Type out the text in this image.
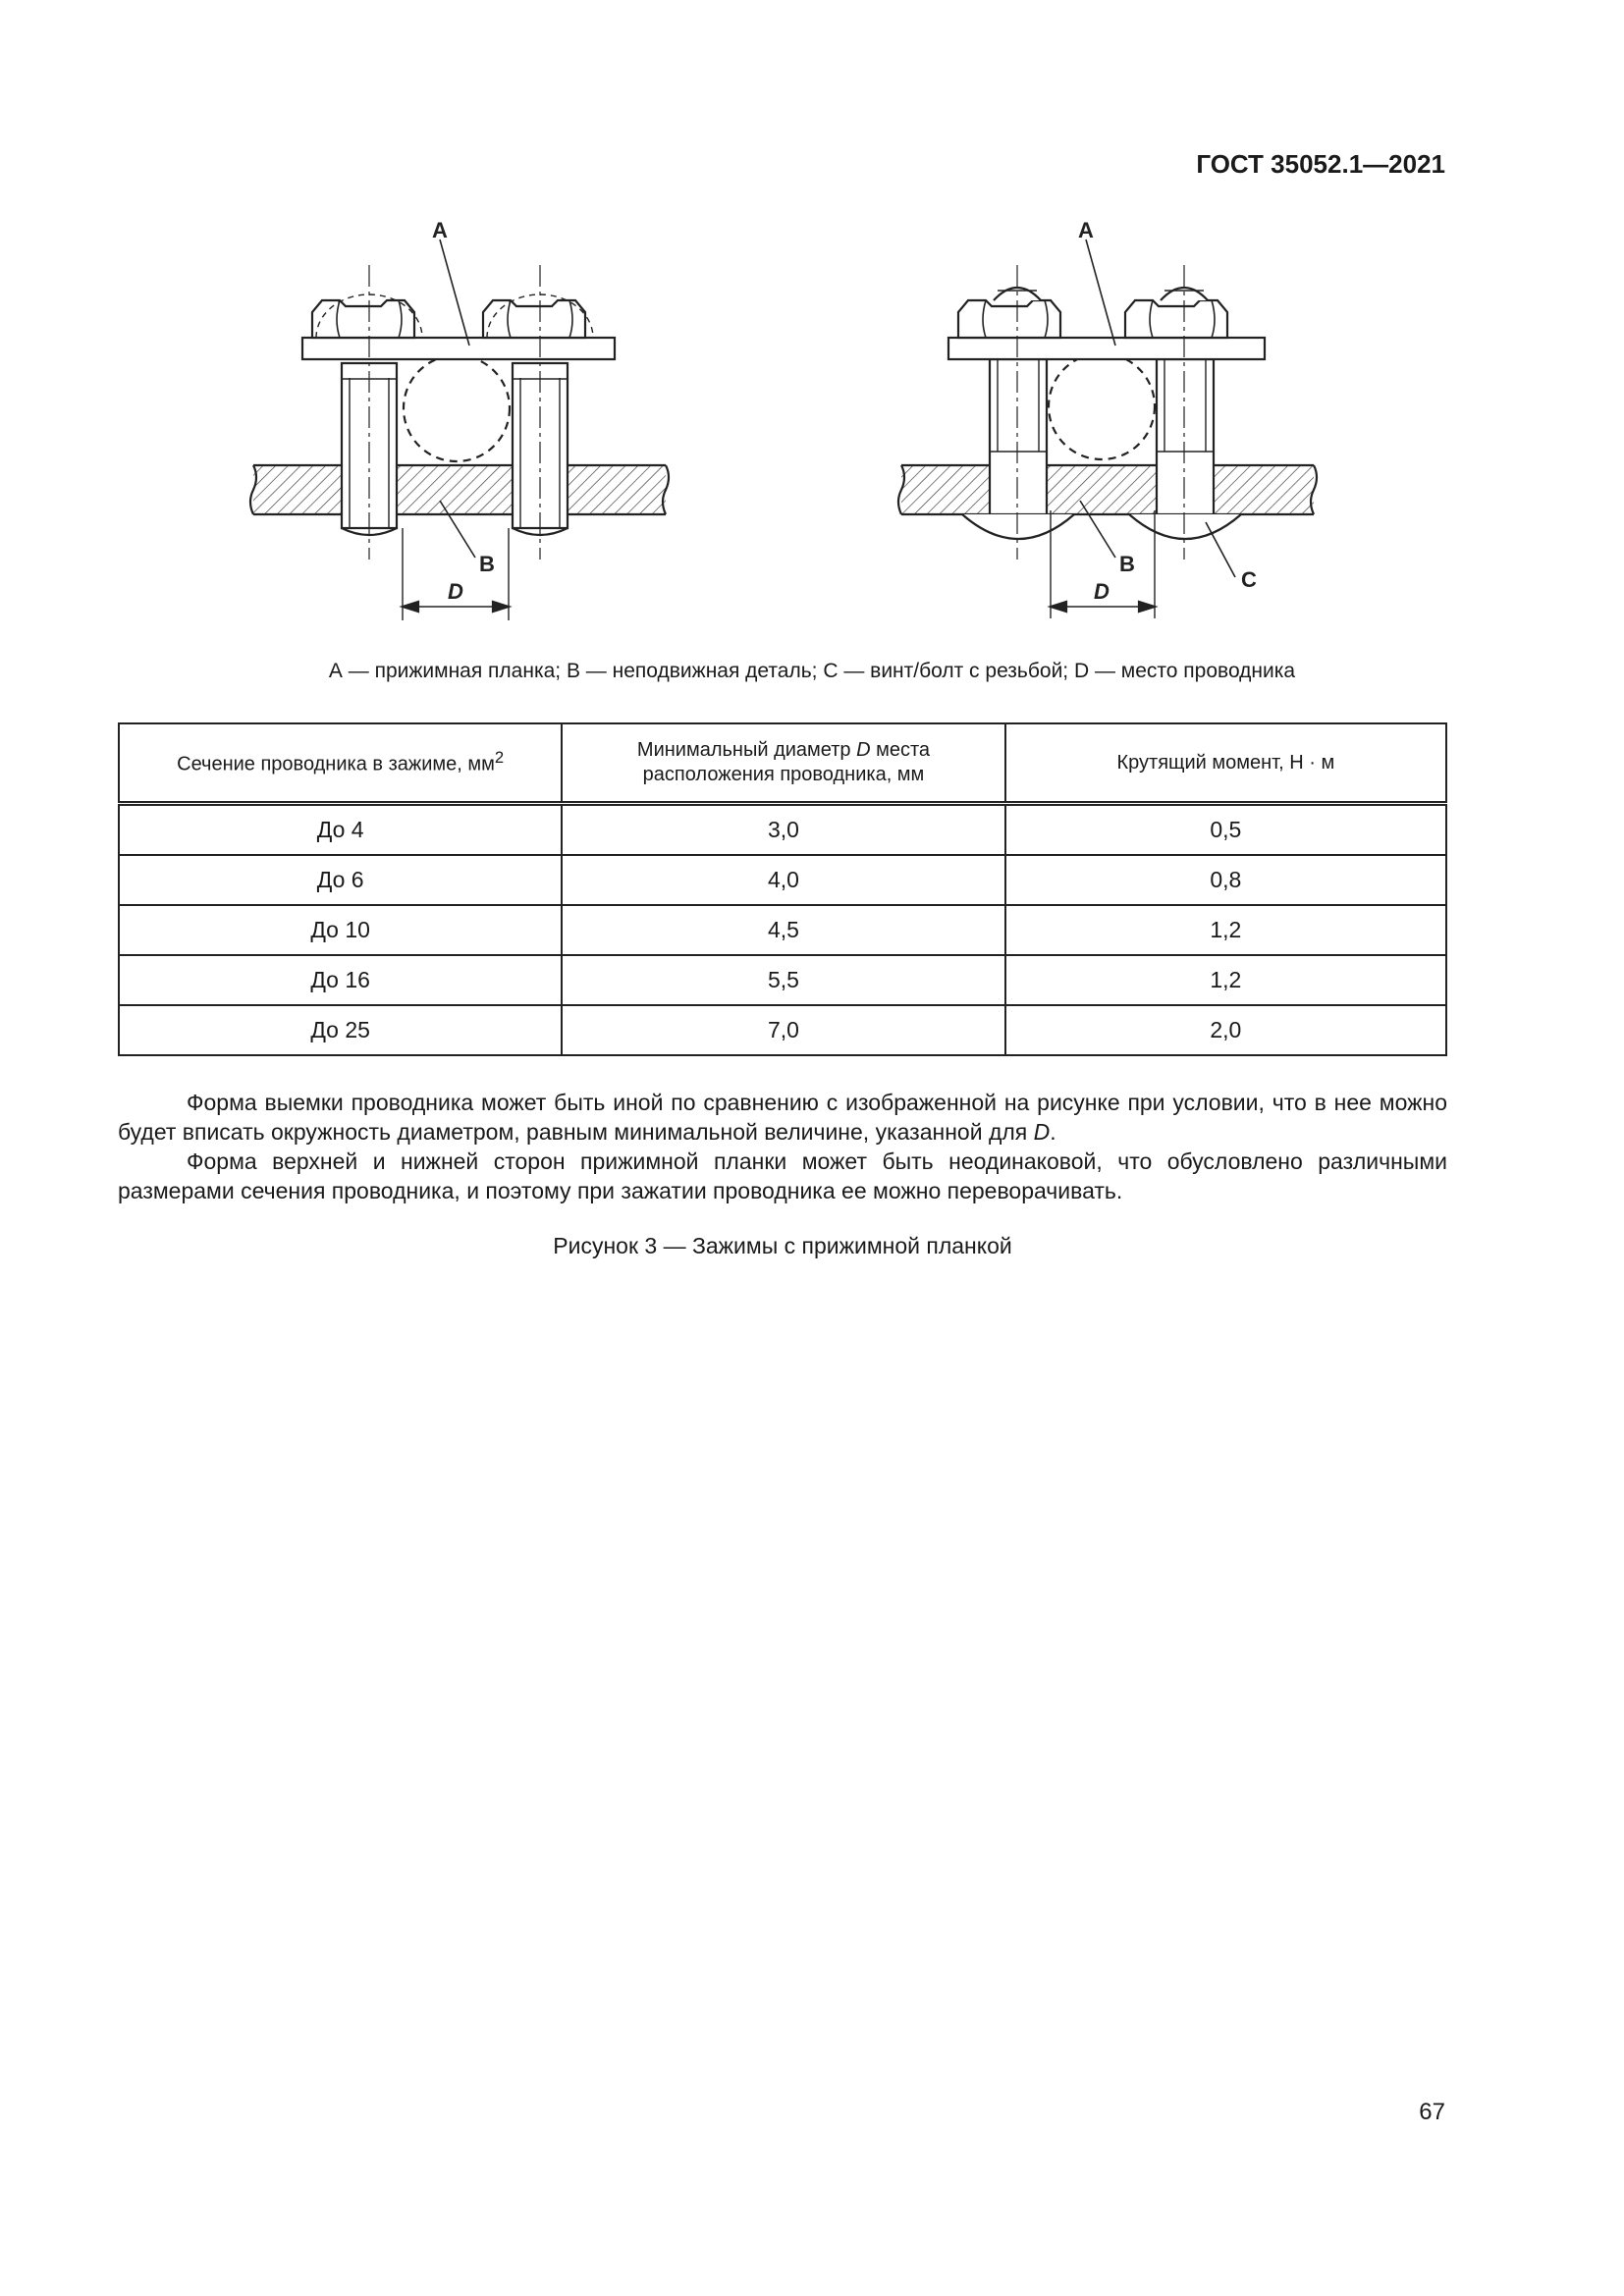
ГОСТ 35052.1—2021
A
B
A
B
C
D	D
А — прижимная планка; В — неподвижная деталь; С — винт/болт с резьбой; D — место проводника
Сечение проводника в зажиме, $мм^2$	Минимальный диаметр D места расположения проводника, мм	Крутящий момент, Н · м
До 4	3,0	0,5
До 6	4,0	0,8
До 10	4,5	1,2
До 16	5,5	1,2
До 25	7,0	2,0

Форма выемки проводника может быть иной по сравнению с изображенной на рисунке при условии, что в нее можно будет вписать окружность диаметром, равным минимальной величине, указанной для D.

Форма верхней и нижней сторон прижимной планки может быть неодинаковой, что обусловлено различными размерами сечения проводника, и поэтому при зажатии проводника ее можно переворачивать.

Рисунок 3 — Зажимы с прижимной планкой
67
